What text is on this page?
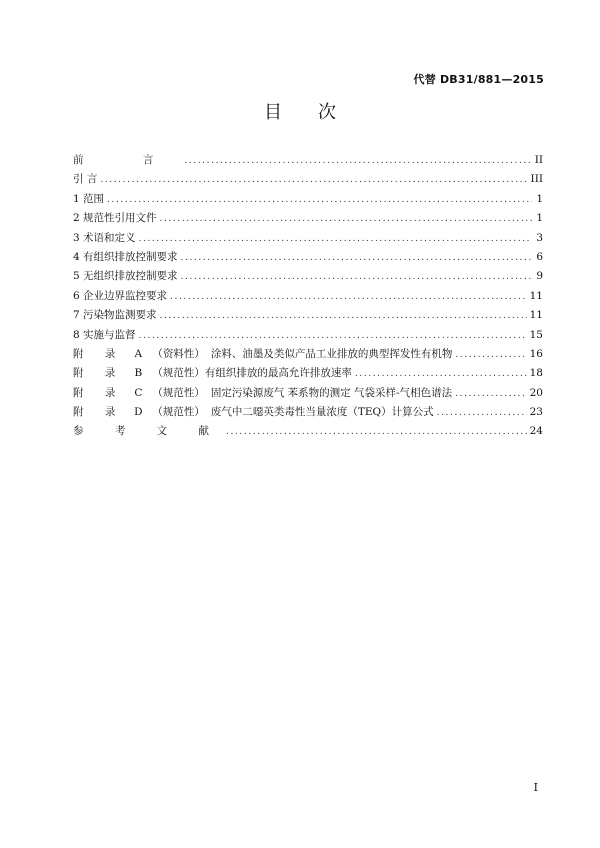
代替 DB31/881—2015
目 次
前 言 .....	II
引 言 .....	III
1 范围 .....	1
2 规范性引用文件 .....	1
3 术语和定义 .....	3
4 有组织排放控制要求 .....	6
5 无组织排放控制要求 .....	9
6 企业边界监控要求 .....	11
7 污染物监测要求 .....	11
8 实施与监督 .....	15
附 录 A （资料性） 涂料、油墨及类似产品工业排放的典型挥发性有机物 .....	16
附 录 B （规范性）有组织排放的最高允许排放速率 .....	18
附 录 C （规范性） 固定污染源废气 苯系物的测定 气袋采样-气相色谱法 .....	20
附 录 D （规范性） 废气中二噁英类毒性当量浓度（TEQ）计算公式 .....	23
参 考 文 献 .....	24
I
